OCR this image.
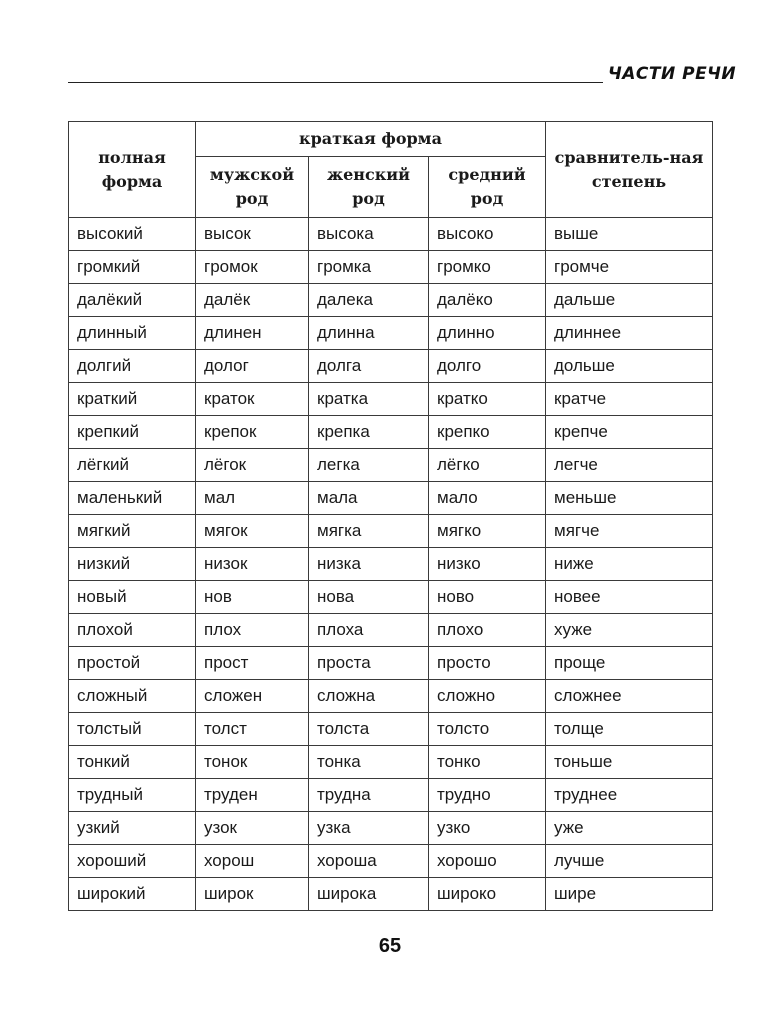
ЧАСТИ РЕЧИ
полная форма	краткая форма			сравнитель-ная степень
	мужской род	женский род	средний род	
высокий	высок	высока	высоко	выше
громкий	громок	громка	громко	громче
далёкий	далёк	далека	далёко	дальше
длинный	длинен	длинна	длинно	длиннее
долгий	долог	долга	долго	дольше
краткий	краток	кратка	кратко	кратче
крепкий	крепок	крепка	крепко	крепче
лёгкий	лёгок	легка	лёгко	легче
маленький	мал	мала	мало	меньше
мягкий	мягок	мягка	мягко	мягче
низкий	низок	низка	низко	ниже
новый	нов	нова	ново	новее
плохой	плох	плоха	плохо	хуже
простой	прост	проста	просто	проще
сложный	сложен	сложна	сложно	сложнее
толстый	толст	толста	толсто	толще
тонкий	тонок	тонка	тонко	тоньше
трудный	труден	трудна	трудно	труднее
узкий	узок	узка	узко	уже
хороший	хорош	хороша	хорошо	лучше
широкий	широк	широка	широко	шире
65
